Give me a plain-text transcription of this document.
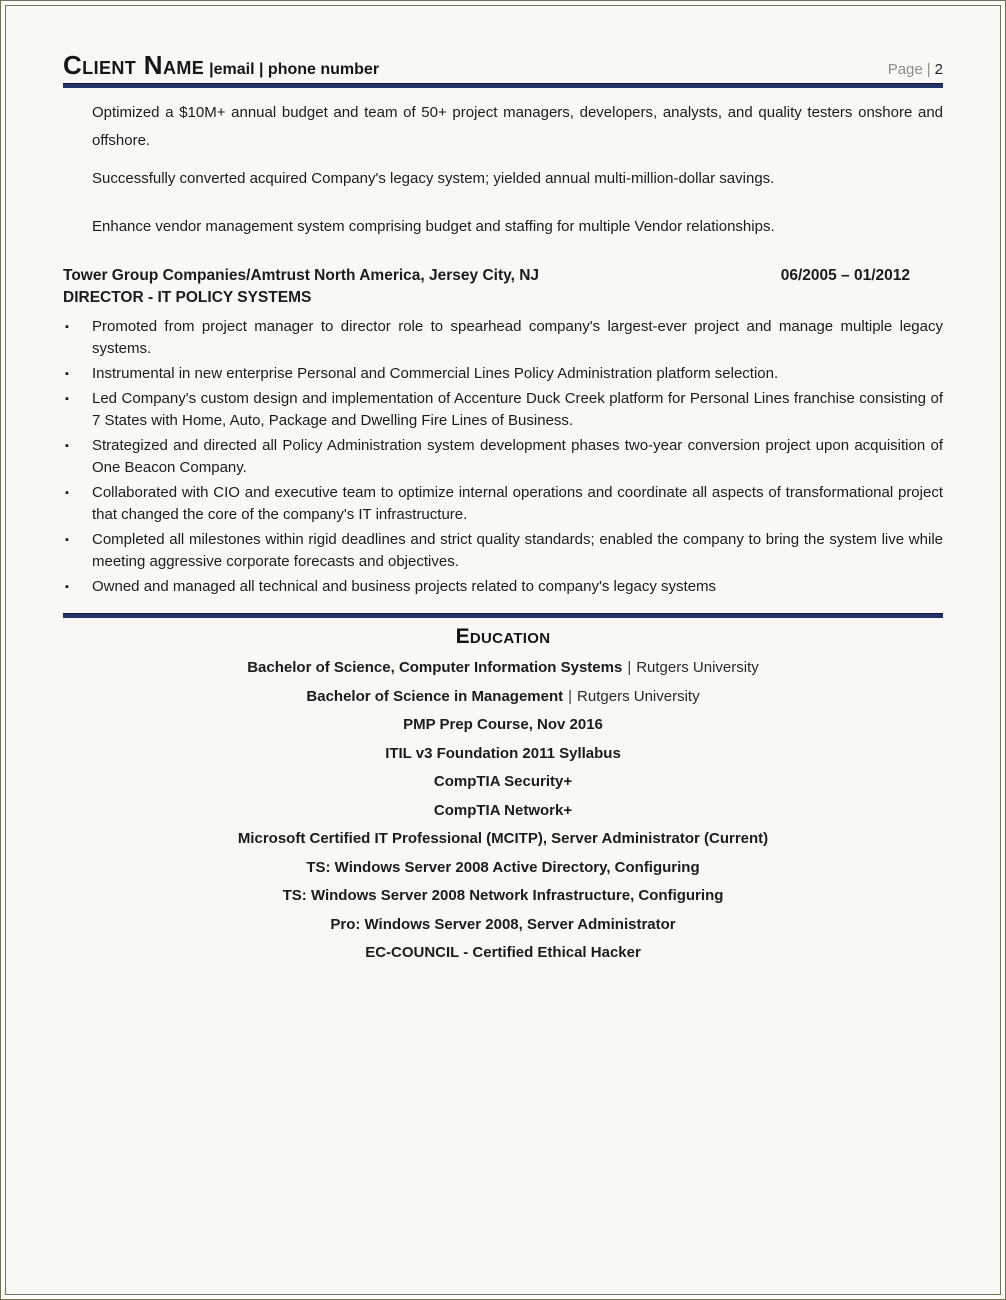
Client Name |email | phone number	Page | 2

Optimized a $10M+ annual budget and team of 50+ project managers, developers, analysts, and quality testers onshore and offshore.

Successfully converted acquired Company's legacy system; yielded annual multi-million-dollar savings.

Enhance vendor management system comprising budget and staffing for multiple Vendor relationships.

Tower Group Companies/Amtrust North America, Jersey City, NJ	06/2005 – 01/2012
DIRECTOR - IT POLICY SYSTEMS
▪ Promoted from project manager to director role to spearhead company's largest-ever project and manage multiple legacy systems.
▪ Instrumental in new enterprise Personal and Commercial Lines Policy Administration platform selection.
▪ Led Company's custom design and implementation of Accenture Duck Creek platform for Personal Lines franchise consisting of 7 States with Home, Auto, Package and Dwelling Fire Lines of Business.
▪ Strategized and directed all Policy Administration system development phases two-year conversion project upon acquisition of One Beacon Company.
▪ Collaborated with CIO and executive team to optimize internal operations and coordinate all aspects of transformational project that changed the core of the company's IT infrastructure.
▪ Completed all milestones within rigid deadlines and strict quality standards; enabled the company to bring the system live while meeting aggressive corporate forecasts and objectives.
▪ Owned and managed all technical and business projects related to company's legacy systems
Education
Bachelor of Science, Computer Information Systems | Rutgers University
Bachelor of Science in Management | Rutgers University
PMP Prep Course, Nov 2016
ITIL v3 Foundation 2011 Syllabus
CompTIA Security+
CompTIA Network+
Microsoft Certified IT Professional (MCITP), Server Administrator (Current)
TS: Windows Server 2008 Active Directory, Configuring
TS: Windows Server 2008 Network Infrastructure, Configuring
Pro: Windows Server 2008, Server Administrator
EC-COUNCIL - Certified Ethical Hacker
